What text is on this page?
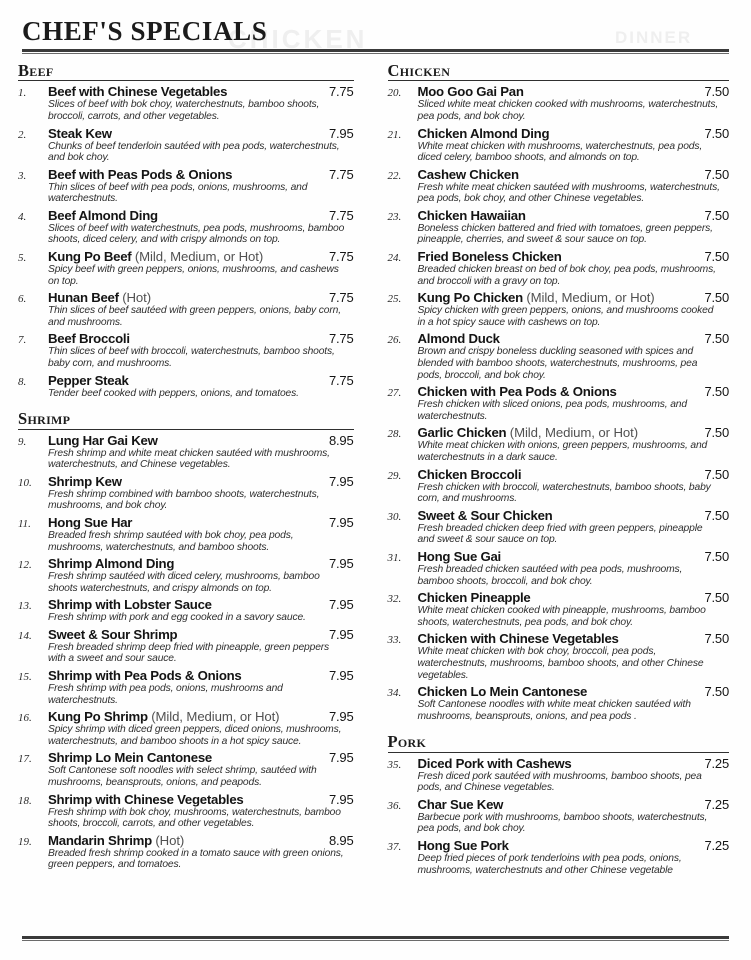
CHICKEN	DINNER
CHEF'S SPECIALS
Beef
1.	Beef with Chinese Vegetables	7.75
Slices of beef with bok choy, waterchestnuts, bamboo shoots, broccoli, carrots, and other vegetables.
2.	Steak Kew	7.95
Chunks of beef tenderloin sautéed with pea pods, waterchestnuts, and bok choy.
3.	Beef with Peas Pods & Onions	7.75
Thin slices of beef with pea pods, onions, mushrooms, and waterchestnuts.
4.	Beef Almond Ding	7.75
Slices of beef with waterchestnuts, pea pods, mushrooms, bamboo shoots, diced celery, and with crispy almonds on top.
5.	Kung Po Beef (Mild, Medium, or Hot)	7.75
Spicy beef with green peppers, onions, mushrooms, and cashews on top.
6.	Hunan Beef (Hot)	7.75
Thin slices of beef sautéed with green peppers, onions, baby corn, and mushrooms.
7.	Beef Broccoli	7.75
Thin slices of beef with broccoli, waterchestnuts, bamboo shoots, baby corn, and mushrooms.
8.	Pepper Steak	7.75
Tender beef cooked with peppers, onions, and tomatoes.
Shrimp
9.	Lung Har Gai Kew	8.95
Fresh shrimp and white meat chicken sautéed with mushrooms, waterchestnuts, and Chinese vegetables.
10.	Shrimp Kew	7.95
Fresh shrimp combined with bamboo shoots, waterchestnuts, mushrooms, and bok choy.
11.	Hong Sue Har	7.95
Breaded fresh shrimp sautéed with bok choy, pea pods, mushrooms, waterchestnuts, and bamboo shoots.
12.	Shrimp Almond Ding	7.95
Fresh shrimp sautéed with diced celery, mushrooms, bamboo shoots waterchestnuts, and crispy almonds on top.
13.	Shrimp with Lobster Sauce	7.95
Fresh shrimp with pork and egg cooked in a savory sauce.
14.	Sweet & Sour Shrimp	7.95
Fresh breaded shrimp deep fried with pineapple, green peppers with a sweet and sour sauce.
15.	Shrimp with Pea Pods & Onions	7.95
Fresh shrimp with pea pods, onions, mushrooms and waterchestnuts.
16.	Kung Po Shrimp (Mild, Medium, or Hot)	7.95
Spicy shrimp with diced green peppers, diced onions, mushrooms, waterchestnuts, and bamboo shoots in a hot spicy sauce.
17.	Shrimp Lo Mein Cantonese	7.95
Soft Cantonese soft noodles with select shrimp, sautéed with mushrooms, beansprouts, onions, and peapods.
18.	Shrimp with Chinese Vegetables	7.95
Fresh shrimp with bok choy, mushrooms, waterchestnuts, bamboo shoots, broccoli, carrots, and other vegetables.
19.	Mandarin Shrimp (Hot)	8.95
Breaded fresh shrimp cooked in a tomato sauce with green onions, green peppers, and tomatoes.
Chicken
20.	Moo Goo Gai Pan	7.50
Sliced white meat chicken cooked with mushrooms, waterchestnuts, pea pods, and bok choy.
21.	Chicken Almond Ding	7.50
White meat chicken with mushrooms, waterchestnuts, pea pods, diced celery, bamboo shoots, and almonds on top.
22.	Cashew Chicken	7.50
Fresh white meat chicken sautéed with mushrooms, waterchestnuts, pea pods, bok choy, and other Chinese vegetables.
23.	Chicken Hawaiian	7.50
Boneless chicken battered and fried with tomatoes, green peppers, pineapple, cherries, and sweet & sour sauce on top.
24.	Fried Boneless Chicken	7.50
Breaded chicken breast on bed of bok choy, pea pods, mushrooms, and broccoli with a gravy on top.
25.	Kung Po Chicken (Mild, Medium, or Hot)	7.50
Spicy chicken with green peppers, onions, and mushrooms cooked in a hot spicy sauce with cashews on top.
26.	Almond Duck	7.50
Brown and crispy boneless duckling seasoned with spices and blended with bamboo shoots, waterchestnuts, mushrooms, pea pods, broccoli, and bok choy.
27.	Chicken with Pea Pods & Onions	7.50
Fresh chicken with sliced onions, pea pods, mushrooms, and waterchestnuts.
28.	Garlic Chicken (Mild, Medium, or Hot)	7.50
White meat chicken with onions, green peppers, mushrooms, and waterchestnuts in a dark sauce.
29.	Chicken Broccoli	7.50
Fresh chicken with broccoli, waterchestnuts, bamboo shoots, baby corn, and mushrooms.
30.	Sweet & Sour Chicken	7.50
Fresh breaded chicken deep fried with green peppers, pineapple and sweet & sour sauce on top.
31.	Hong Sue Gai	7.50
Fresh breaded chicken sautéed with pea pods, mushrooms, bamboo shoots, broccoli, and bok choy.
32.	Chicken Pineapple	7.50
White meat chicken cooked with pineapple, mushrooms, bamboo shoots, waterchestnuts, pea pods, and bok choy.
33.	Chicken with Chinese Vegetables	7.50
White meat chicken with bok choy, broccoli, pea pods, waterchestnuts, mushrooms, bamboo shoots, and other Chinese vegetables.
34.	Chicken Lo Mein Cantonese	7.50
Soft Cantonese noodles with white meat chicken sautéed with mushrooms, beansprouts, onions, and pea pods .
Pork
35.	Diced Pork with Cashews	7.25
Fresh diced pork sautéed with mushrooms, bamboo shoots, pea pods, and Chinese vegetables.
36.	Char Sue Kew	7.25
Barbecue pork with mushrooms, bamboo shoots, waterchestnuts, pea pods, and bok choy.
37.	Hong Sue Pork	7.25
Deep fried pieces of pork tenderloins with pea pods, onions, mushrooms, waterchestnuts and other Chinese vegetable
